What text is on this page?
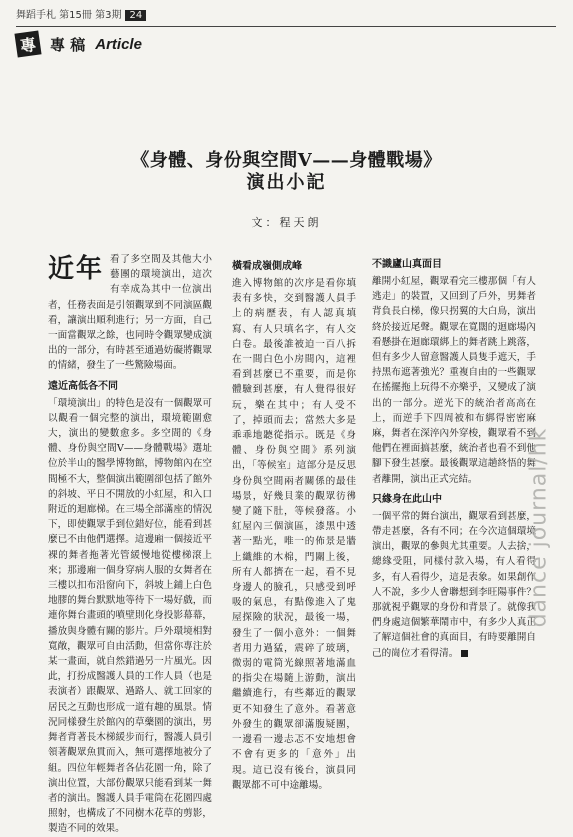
舞蹈手札 第15冊 第3期 24
專 專 稿 Article
《身體、身份與空間V——身體戰場》
演出小記
文：程天朗
近年 看了多空間及其他大小藝團的環境演出，這次有幸成為其中一位演出者，任務表面是引領觀眾到不同演區觀看，讓演出順利進行；另一方面，自己一面當觀眾之餘，也同時令觀眾變成演出的一部分，有時甚至通過妨礙將觀眾的情緒，發生了一些驚險場面。
遠近高低各不同

「環境演出」的特色是沒有一個觀眾可以觀看一個完整的演出，環境範圍愈大，演出的變數愈多。多空間的《身體、身份與空間V——身體戰場》選址位於半山的醫學博物館，博物館內在空間極不大，整個演出範圍卻包括了館外的斜坡、平日不開放的小紅屋，和入口附近的迴廊梯。在三場全部滿座的情況下，即使觀眾手到位錯好位，能看到甚麼已不由他們選擇。這邊廂一個接近平裸的舞者拖著光管緩慢地從樓梯滾上來；那邊廂一個身穿病人服的女舞者在三樓以扣布沿窗向下，斜坡上鋪上白色地膠的舞台默默地等待下一場好戲，而連你舞台畫頭的噴壁則化身投影幕幕，播放與身體有關的影片。戶外環境相對寬敞，觀眾可自由活動，但當你專注於某一畫面，就自然錯過另一片風光。因此，打扮成醫護人員的工作人員（也是表演者）跟觀眾、過路人、就工回家的居民之互動也形成一道有趣的風景。情況同樣發生於館內的草藥園的演出，男舞者背著長木梯緩步而行，醫護人員引領著觀眾魚貫而入，無可選擇地被分了組。四位年輕舞者各佔花園一角，除了演出位置，大部份觀眾只能看到某一舞者的演出。醫護人員手電筒在花園四處照射，也構成了不同樹木花草的剪影，製造不同的效果。

橫看成嶺側成峰

進入博物館的次序是看你填表有多快，交到醫護人員手上的病歷表，有人認真填寫、有人只填名字，有人交白卷。最後誰被迫一百八拆在一間白色小房間內，這裡看到甚麼已不重要，而是你體驗到甚麼，有人覺得很好玩，樂在其中；有人受不了，掉頭而去；當然大多是乖乖地聽從指示。既是《身體、身份與空間》系列演出，「等候室」這部分是反思身份與空間兩者關係的最佳場景，好幾貝業的觀眾彷彿變了隨下肚，等候發落。小紅屋內三個演區，漆黑中透著一點光，唯一的佈景是牆上纖維的木棉，門關上後，所有人都擠在一起，看不見身邊人的臉孔，只感受到呼吸的氣息，有點像進入了鬼屋探險的狀況，最後一場，發生了一個小意外：一個舞者用力過猛，震碎了玻璃，微弱的電筒光線照著地滿血的指尖在場隨上游動，演出繼續進行，有些鄰近的觀眾更不知發生了意外。看著意外發生的觀眾卻滿腹疑團，一邊看一邊忐忑不安地想會不會有更多的「意外」出現。這已沒有後台，演員同觀眾都不可中途離場。

不識廬山真面目

離開小紅屋，觀眾看完三樓那個「有人逃走」的裝置，又回到了戶外，男舞者背負長白梯，像只拐翼的大白鳥，演出終於接近尾聲。觀眾在寬闊的迴廊場內看懸掛在迴廊環綁上的舞者跳上跳落，但有多少人留意醫護人員隻手遮天，手持黑布遮著強光？重複自由的一些觀眾在搖擺拖上玩得不亦樂乎，又變成了演出的一部分。逆光下的統治者高高在上，而逆手下四周被和布綁得密密麻麻，舞者在深淬內外穿梭，觀眾看不到他們在裡面搞甚麼，統治者也看不到他腳下發生甚麼。最後觀眾這趟終悟的舞者離開，演出正式完結。

只緣身在此山中

一個平常的舞台演出，觀眾看到甚麼，帶走甚麼，各有不同；在今次這個環境演出，觀眾的參與尤其重要。人去捨，總緣受阻，同樣付款入場，有人看得多，有人看得少，這是表象。如果創作人不說，多少人會聯想到李旺陽事件？那就視乎觀眾的身份和背景了。就像我們身處這個繁華鬧市中，有多少人真正了解這個社會的真面目，有時要離開自己的崗位才看得清。

dance journal/hk
